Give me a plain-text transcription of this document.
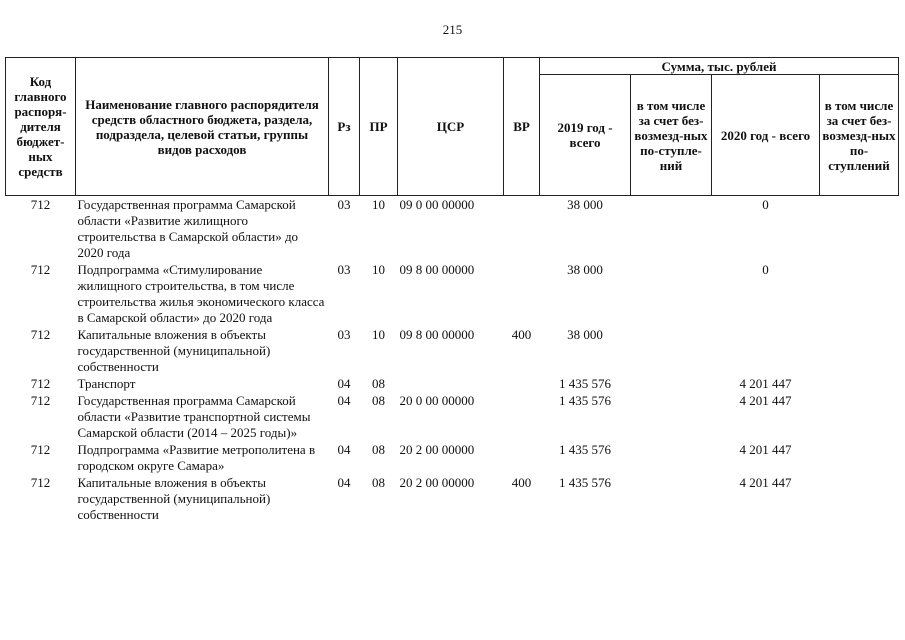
215
Код главного распоря-дителя бюджет-ных средств	Наименование главного распорядителя средств областного бюджета, раздела, подраздела, целевой статьи, группы видов расходов	Рз	ПР	ЦСР	ВР	Сумма, тыс. рублей			
						2019 год - всего	в том числе за счет без-возмезд-ных по-ступле-ний	2020 год - всего	в том числе за счет без-возмезд-ных по-ступлений
712	Государственная программа Самарской области «Развитие жилищного строительства в Самарской области» до 2020 года	03	10	09 0 00 00000		38 000		0	
712	Подпрограмма «Стимулирование жилищного строительства, в том числе строительства жилья экономического класса в Самарской области» до 2020 года	03	10	09 8 00 00000		38 000		0	
712	Капитальные вложения в объекты государственной (муниципальной) собственности	03	10	09 8 00 00000	400	38 000			
712	Транспорт	04	08			1 435 576		4 201 447	
712	Государственная программа Самарской области «Развитие транспортной системы Самарской области (2014 – 2025 годы)»	04	08	20 0 00 00000		1 435 576		4 201 447	
712	Подпрограмма «Развитие метрополитена в городском округе Самара»	04	08	20 2 00 00000		1 435 576		4 201 447	
712	Капитальные вложения в объекты государственной (муниципальной) собственности	04	08	20 2 00 00000	400	1 435 576		4 201 447	
